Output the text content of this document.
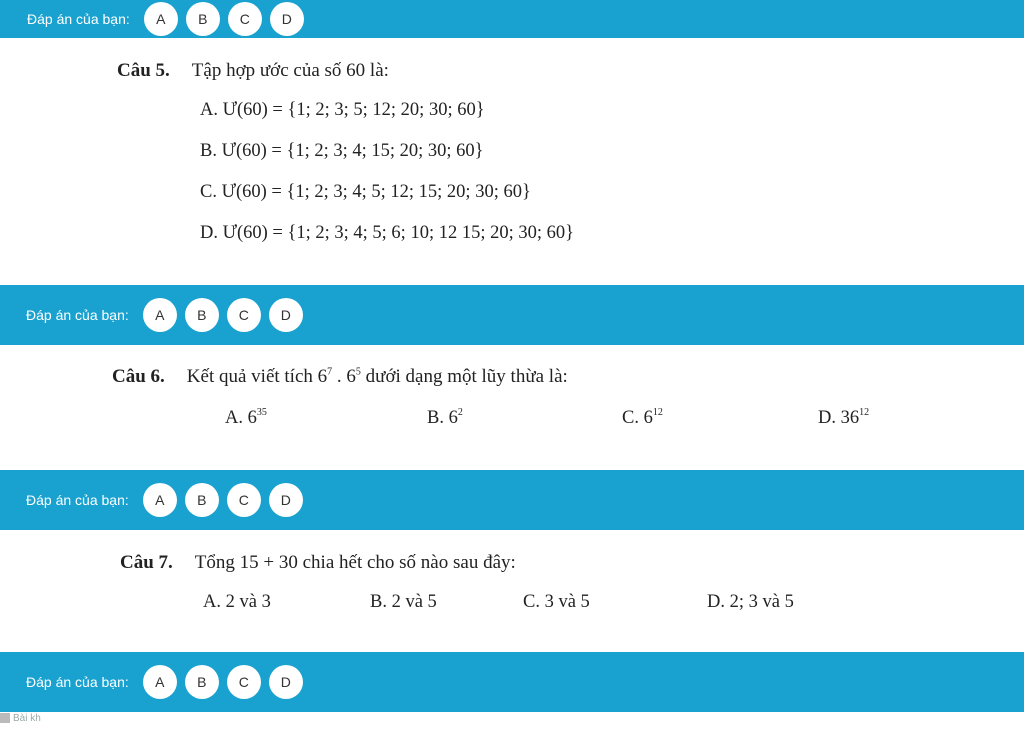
Đáp án của bạn:	A	B	C	D
Câu 5. Tập hợp ước của số 60 là:
A. Ư(60) = {1; 2; 3; 5; 12; 20; 30; 60}
B. Ư(60) = {1; 2; 3; 4; 15; 20; 30; 60}
C. Ư(60) = {1; 2; 3; 4; 5; 12; 15; 20; 30; 60}
D. Ư(60) = {1; 2; 3; 4; 5; 6; 10; 12 15; 20; 30; 60}
Đáp án của bạn:	A	B	C	D
Câu 6. Kết quả viết tích $6^7$ . $6^5$ dưới dạng một lũy thừa là:
A. $6^{35}$	B. $6^2$	C. $6^{12}$	D. $36^{12}$
Đáp án của bạn:	A	B	C	D
Câu 7. Tổng 15 + 30 chia hết cho số nào sau đây:
A. 2 và 3	B. 2 và 5	C. 3 và 5	D. 2; 3 và 5
Đáp án của bạn:	A	B	C	D
Bài kh
